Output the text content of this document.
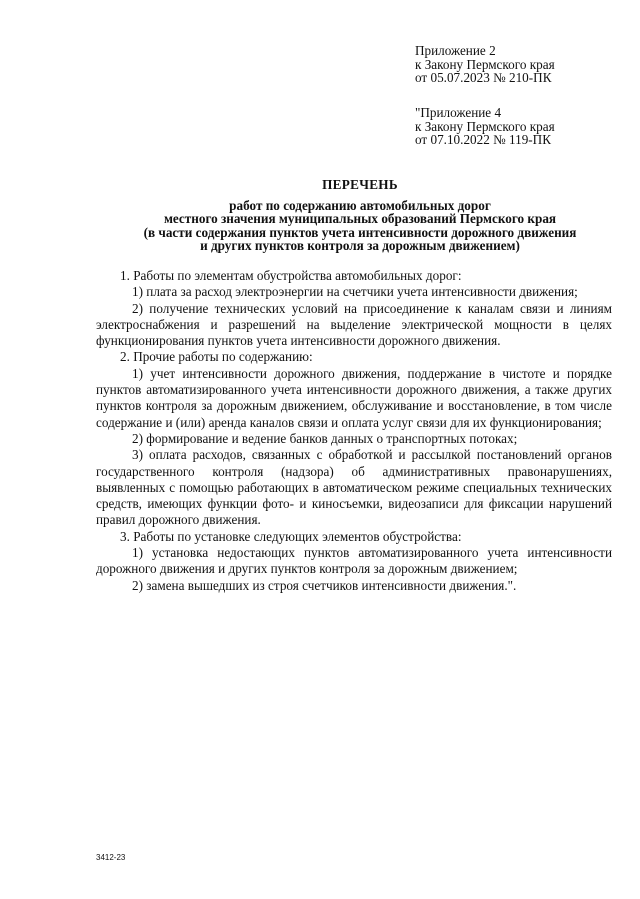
Приложение 2
к Закону Пермского края
от 05.07.2023 № 210-ПК
"Приложение 4
к Закону Пермского края
от 07.10.2022 № 119-ПК
ПЕРЕЧЕНЬ
работ по содержанию автомобильных дорог
местного значения муниципальных образований Пермского края
(в части содержания пунктов учета интенсивности дорожного движения
и других пунктов контроля за дорожным движением)

1. Работы по элементам обустройства автомобильных дорог:

1) плата за расход электроэнергии на счетчики учета интенсивности движения;

2) получение технических условий на присоединение к каналам связи и линиям электроснабжения и разрешений на выделение электрической мощности в целях функционирования пунктов учета интенсивности дорожного движения.

2. Прочие работы по содержанию:

1) учет интенсивности дорожного движения, поддержание в чистоте и порядке пунктов автоматизированного учета интенсивности дорожного движения, а также других пунктов контроля за дорожным движением, обслуживание и восстановление, в том числе содержание и (или) аренда каналов связи и оплата услуг связи для их функционирования;

2) формирование и ведение банков данных о транспортных потоках;

3) оплата расходов, связанных с обработкой и рассылкой постановлений органов государственного контроля (надзора) об административных правонарушениях, выявленных с помощью работающих в автоматическом режиме специальных технических средств, имеющих функции фото- и киносъемки, видеозаписи для фиксации нарушений правил дорожного движения.

3. Работы по установке следующих элементов обустройства:

1) установка недостающих пунктов автоматизированного учета интенсивности дорожного движения и других пунктов контроля за дорожным движением;

2) замена вышедших из строя счетчиков интенсивности движения.".

3412-23
